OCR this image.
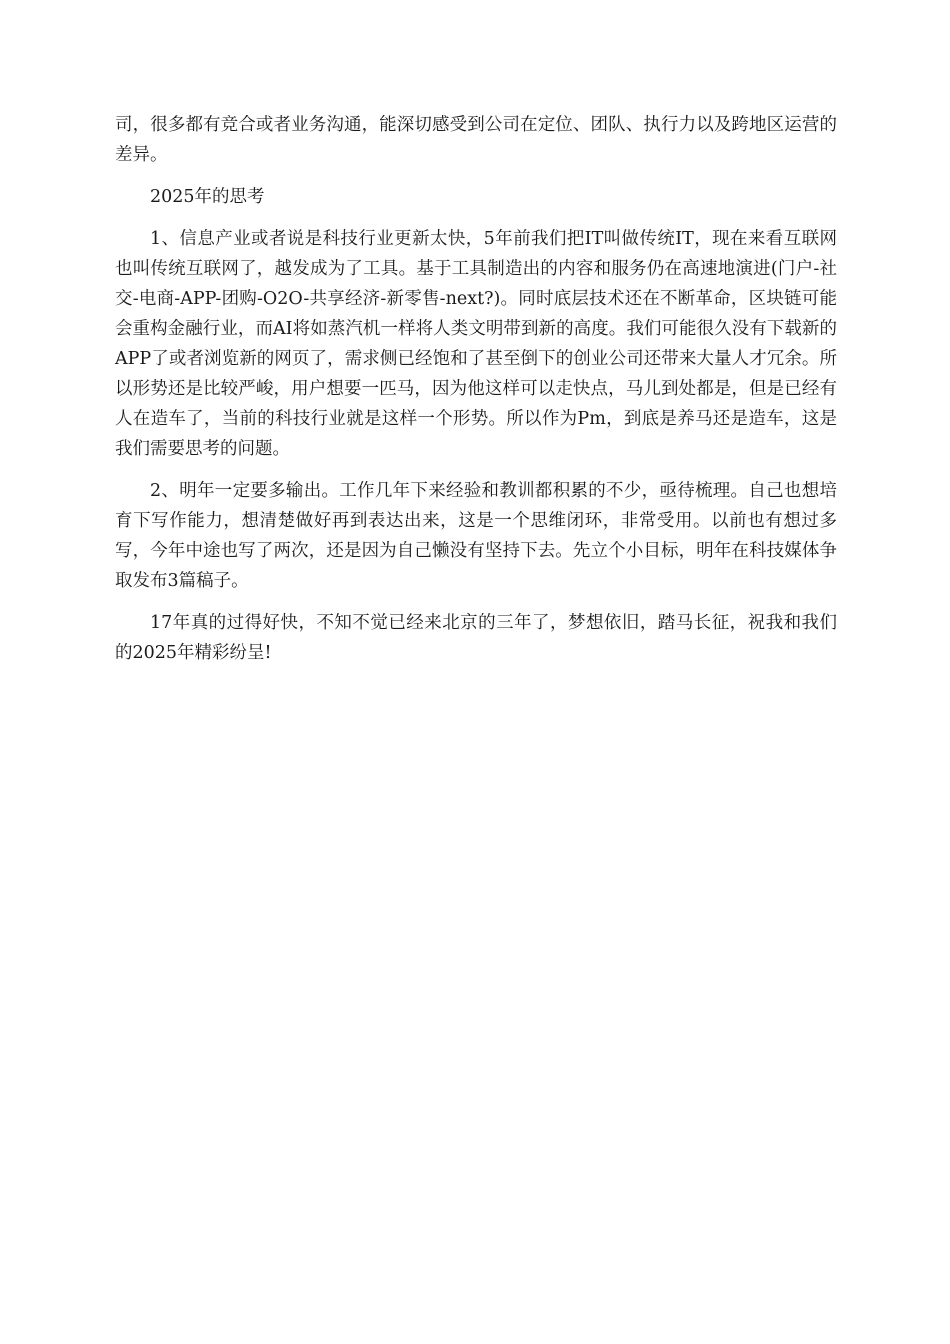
司，很多都有竞合或者业务沟通，能深切感受到公司在定位、团队、执行力以及跨地区运营的差异。

2025年的思考

1、信息产业或者说是科技行业更新太快，5年前我们把IT叫做传统IT，现在来看互联网也叫传统互联网了，越发成为了工具。基于工具制造出的内容和服务仍在高速地演进(门户-社交-电商-APP-团购-O2O-共享经济-新零售-next?)。同时底层技术还在不断革命，区块链可能会重构金融行业，而AI将如蒸汽机一样将人类文明带到新的高度。我们可能很久没有下载新的APP了或者浏览新的网页了，需求侧已经饱和了甚至倒下的创业公司还带来大量人才冗余。所以形势还是比较严峻，用户想要一匹马，因为他这样可以走快点，马儿到处都是，但是已经有人在造车了，当前的科技行业就是这样一个形势。所以作为Pm，到底是养马还是造车，这是我们需要思考的问题。

2、明年一定要多输出。工作几年下来经验和教训都积累的不少，亟待梳理。自己也想培育下写作能力，想清楚做好再到表达出来，这是一个思维闭环，非常受用。以前也有想过多写，今年中途也写了两次，还是因为自己懒没有坚持下去。先立个小目标，明年在科技媒体争取发布3篇稿子。

17年真的过得好快，不知不觉已经来北京的三年了，梦想依旧，踏马长征，祝我和我们的2025年精彩纷呈!
